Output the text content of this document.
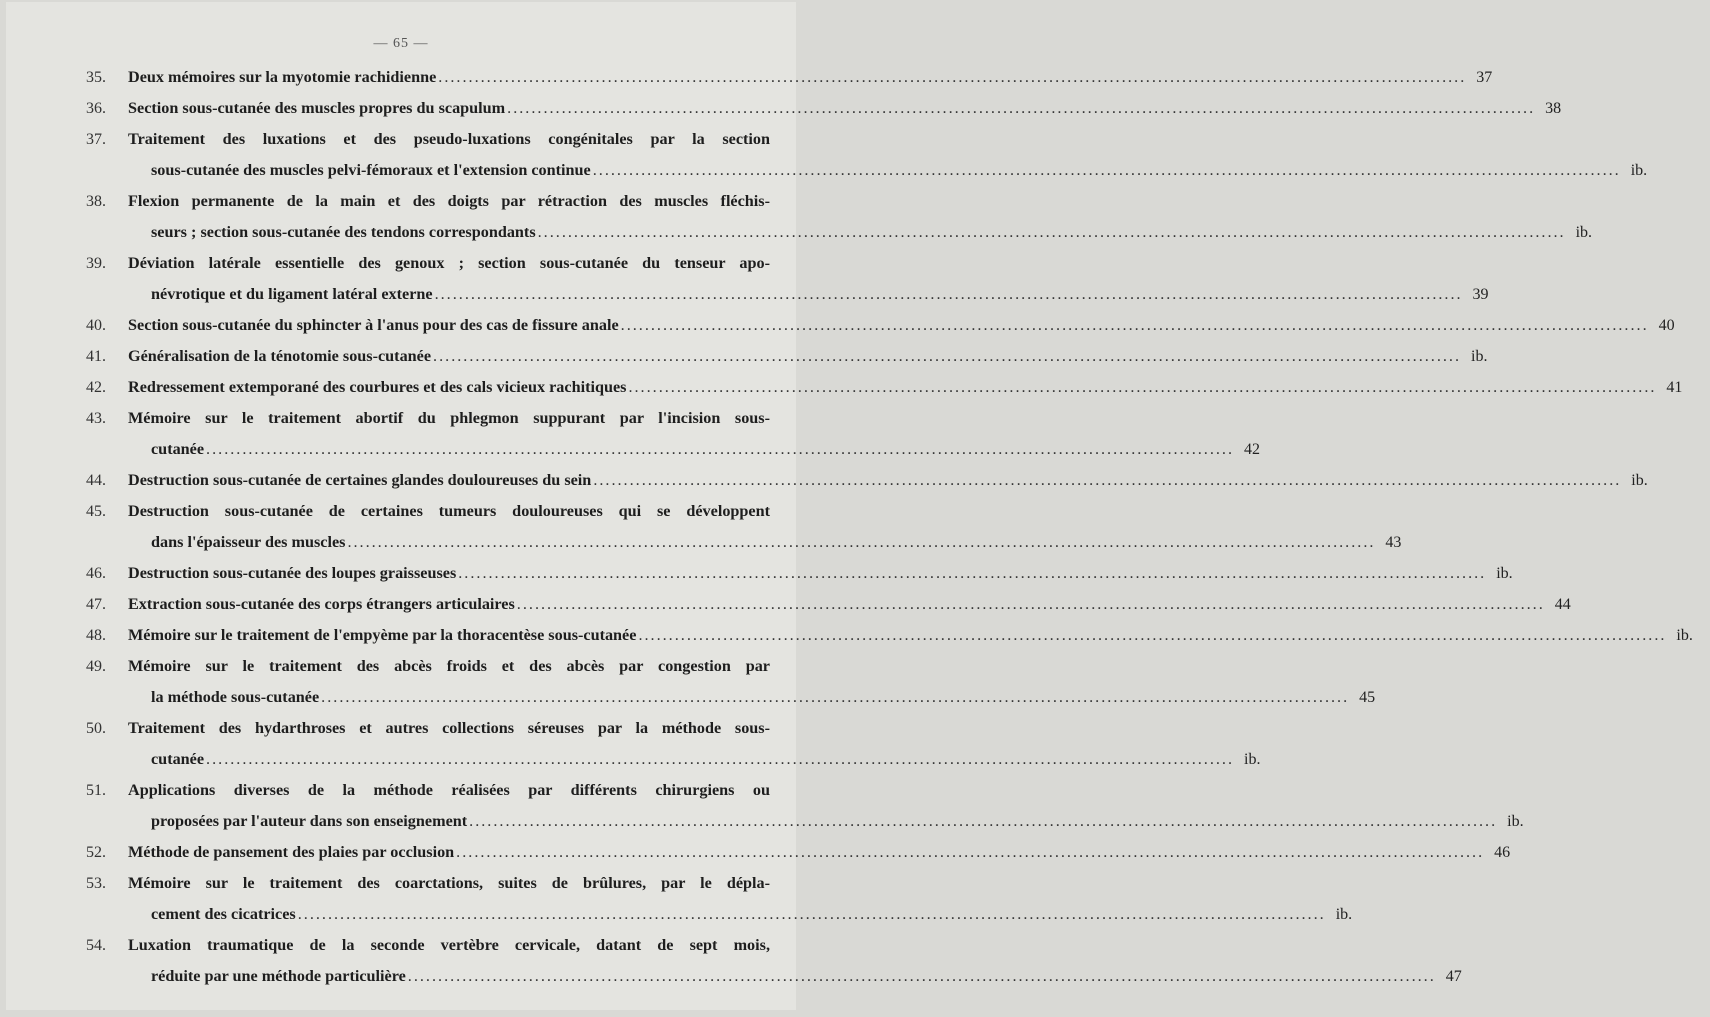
— 65 —
35.	Deux mémoires sur la myotomie rachidienne .....	37
36.	Section sous-cutanée des muscles propres du scapulum .....	38
37.	Traitement des luxations et des pseudo-luxations congénitales par la section
sous-cutanée des muscles pelvi-fémoraux et l'extension continue .....	ib.
38.	Flexion permanente de la main et des doigts par rétraction des muscles fléchis-
seurs ; section sous-cutanée des tendons correspondants .....	ib.
39.	Déviation latérale essentielle des genoux ; section sous-cutanée du tenseur apo-
névrotique et du ligament latéral externe .....	39
40.	Section sous-cutanée du sphincter à l'anus pour des cas de fissure anale .....	40
41.	Généralisation de la ténotomie sous-cutanée .....	ib.
42.	Redressement extemporané des courbures et des cals vicieux rachitiques .....	41
43.	Mémoire sur le traitement abortif du phlegmon suppurant par l'incision sous-
cutanée .....	42
44.	Destruction sous-cutanée de certaines glandes douloureuses du sein .....	ib.
45.	Destruction sous-cutanée de certaines tumeurs douloureuses qui se développent
dans l'épaisseur des muscles .....	43
46.	Destruction sous-cutanée des loupes graisseuses .....	ib.
47.	Extraction sous-cutanée des corps étrangers articulaires .....	44
48.	Mémoire sur le traitement de l'empyème par la thoracentèse sous-cutanée .....	ib.
49.	Mémoire sur le traitement des abcès froids et des abcès par congestion par
la méthode sous-cutanée .....	45
50.	Traitement des hydarthroses et autres collections séreuses par la méthode sous-
cutanée .....	ib.
51.	Applications diverses de la méthode réalisées par différents chirurgiens ou
proposées par l'auteur dans son enseignement .....	ib.
52.	Méthode de pansement des plaies par occlusion .....	46
53.	Mémoire sur le traitement des coarctations, suites de brûlures, par le dépla-
cement des cicatrices .....	ib.
54.	Luxation traumatique de la seconde vertèbre cervicale, datant de sept mois,
réduite par une méthode particulière .....	47
